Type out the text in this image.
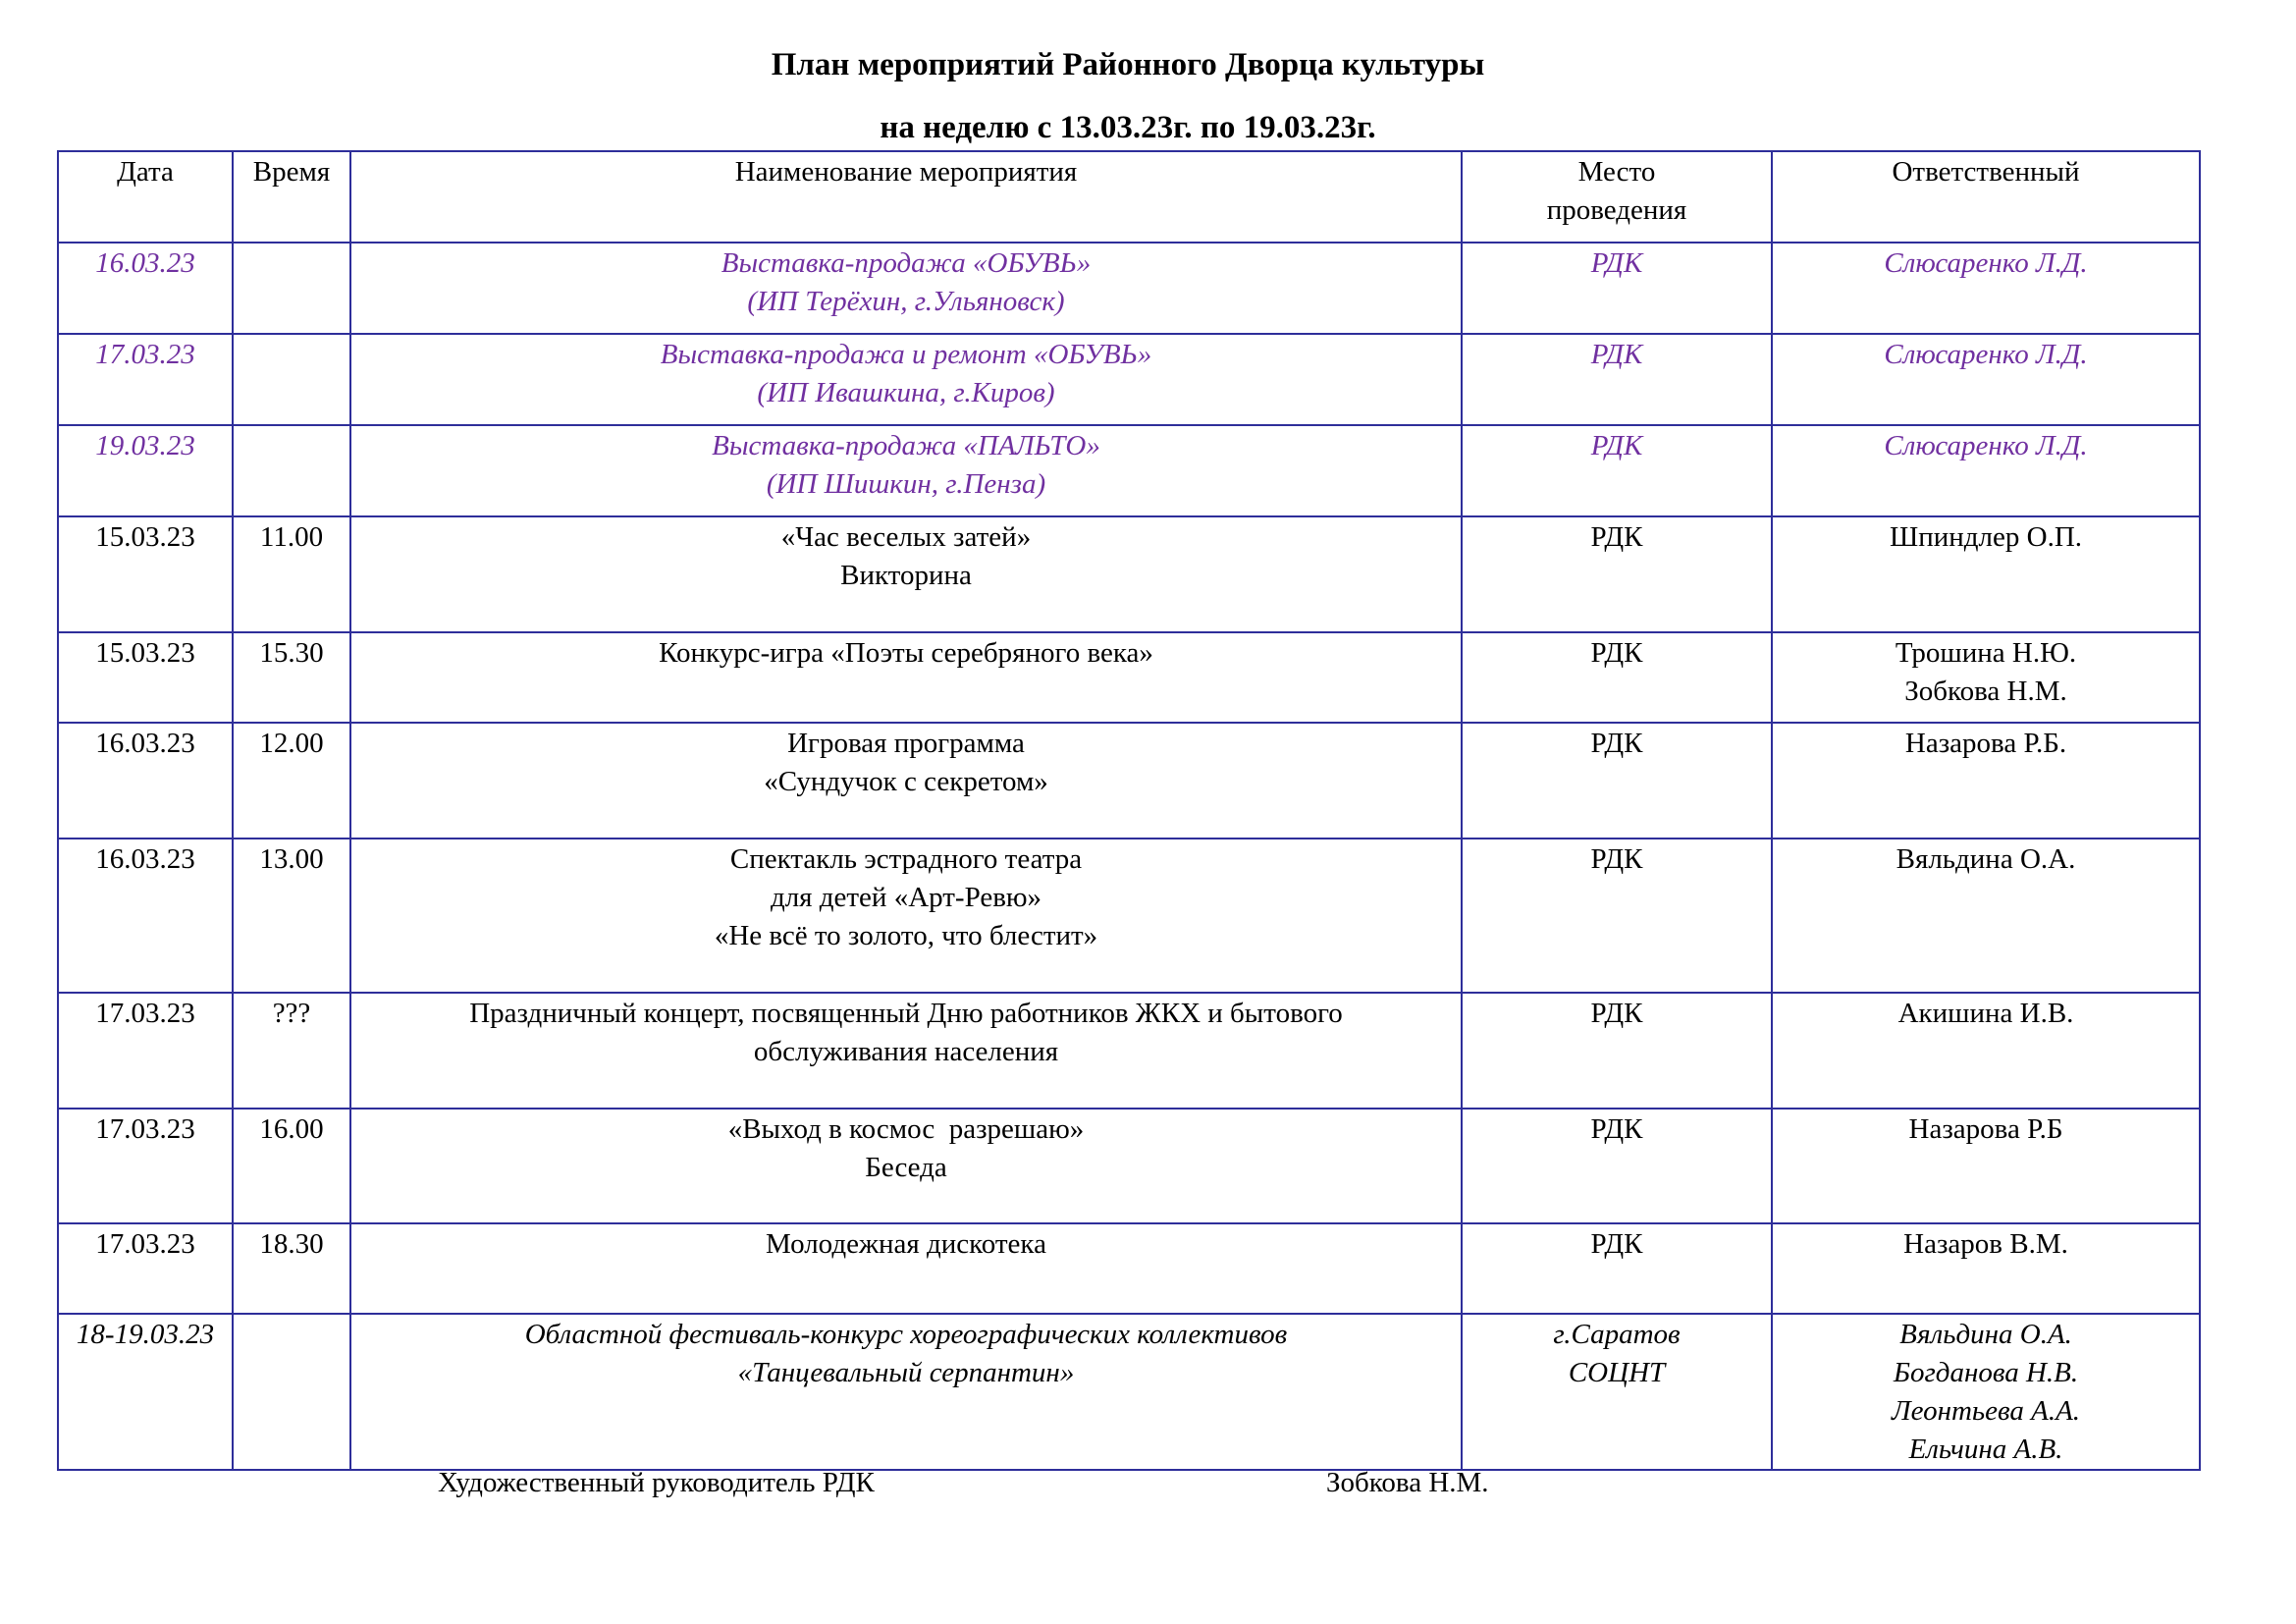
План мероприятий Районного Дворца культуры
на неделю с 13.03.23г. по 19.03.23г.
Дата	Время	Наименование мероприятия	Место
проведения	Ответственный
16.03.23		Выставка-продажа «ОБУВЬ»
(ИП Терёхин, г.Ульяновск)	РДК	Слюсаренко Л.Д.

17.03.23		Выставка-продажа и ремонт «ОБУВЬ»
(ИП Ивашкина, г.Киров)	РДК	Слюсаренко Л.Д.

19.03.23		Выставка-продажа «ПАЛЬТО»
(ИП Шишкин, г.Пенза)	РДК	Слюсаренко Л.Д.

15.03.23	11.00	«Час веселых затей»
Викторина	РДК	Шпиндлер О.П.

15.03.23	15.30	Конкурс-игра «Поэты серебряного века»	РДК	Трошина Н.Ю.
Зобкова Н.М.

16.03.23	12.00	Игровая программа
«Сундучок с секретом»	РДК	Назарова Р.Б.

16.03.23	13.00	Спектакль эстрадного театра
для детей «Арт-Ревю»
«Не всё то золото, что блестит»	РДК	Вяльдина О.А.

17.03.23	???	Праздничный концерт, посвященный Дню работников ЖКХ и бытового
обслуживания населения	РДК	Акишина И.В.

17.03.23	16.00	«Выход в космос  разрешаю»
Беседа	РДК	Назарова Р.Б

17.03.23	18.30	Молодежная дискотека	РДК	Назаров В.М.

18-19.03.23		Областной фестиваль-конкурс хореографических коллективов
«Танцевальный серпантин»	г.Саратов
СОЦНТ	Вяльдина О.А.
Богданова Н.В.
Леонтьева А.А.
Ельчина А.В.
Художественный руководитель РДК	Зобкова Н.М.
